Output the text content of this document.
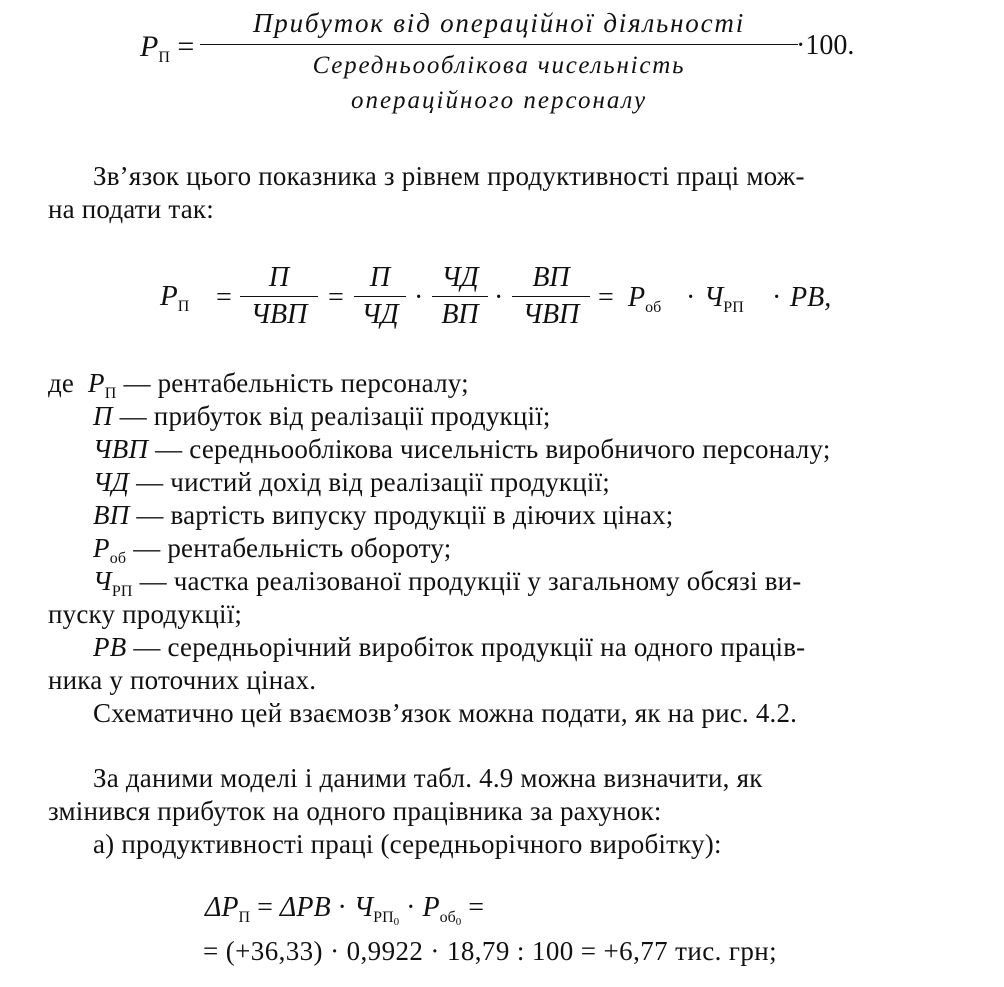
$Р_П$ =
Прибуток від операційної діяльності
Середньооблікова чисельність
операційного персоналу
·100.
Зв’язок цього показника з рівнем продуктивності праці мож-
на подати так:
$Р_П$ =
П
ЧВП
=
П
ЧД
·
ЧД
ВП
·
ВП
ЧВП
= $Р_{об} \cdot Ч_{РП}$ · РВ,
де $Р_П$ — рентабельність персоналу;
П — прибуток від реалізації продукції;
ЧВП — середньооблікова чисельність виробничого персоналу;
ЧД — чистий дохід від реалізації продукції;
ВП — вартість випуску продукції в діючих цінах;
$Р_{об}$ — рентабельність обороту;
$Ч_{РП}$ — частка реалізованої продукції у загальному обсязі ви-
пуску продукції;
РВ — середньорічний виробіток продукції на одного праців-
ника у поточних цінах.
Схематично цей взаємозв’язок можна подати, як на рис. 4.2.
За даними моделі і даними табл. 4.9 можна визначити, як
змінився прибуток на одного працівника за рахунок:
а) продуктивності праці (середньорічного виробітку):
$\Delta Р_П = \Delta РВ \cdot Ч_{РП0} \cdot Р_{об0}$ =
= (+36,33) · 0,9922 · 18,79 : 100 = +6,77 тис. грн;
